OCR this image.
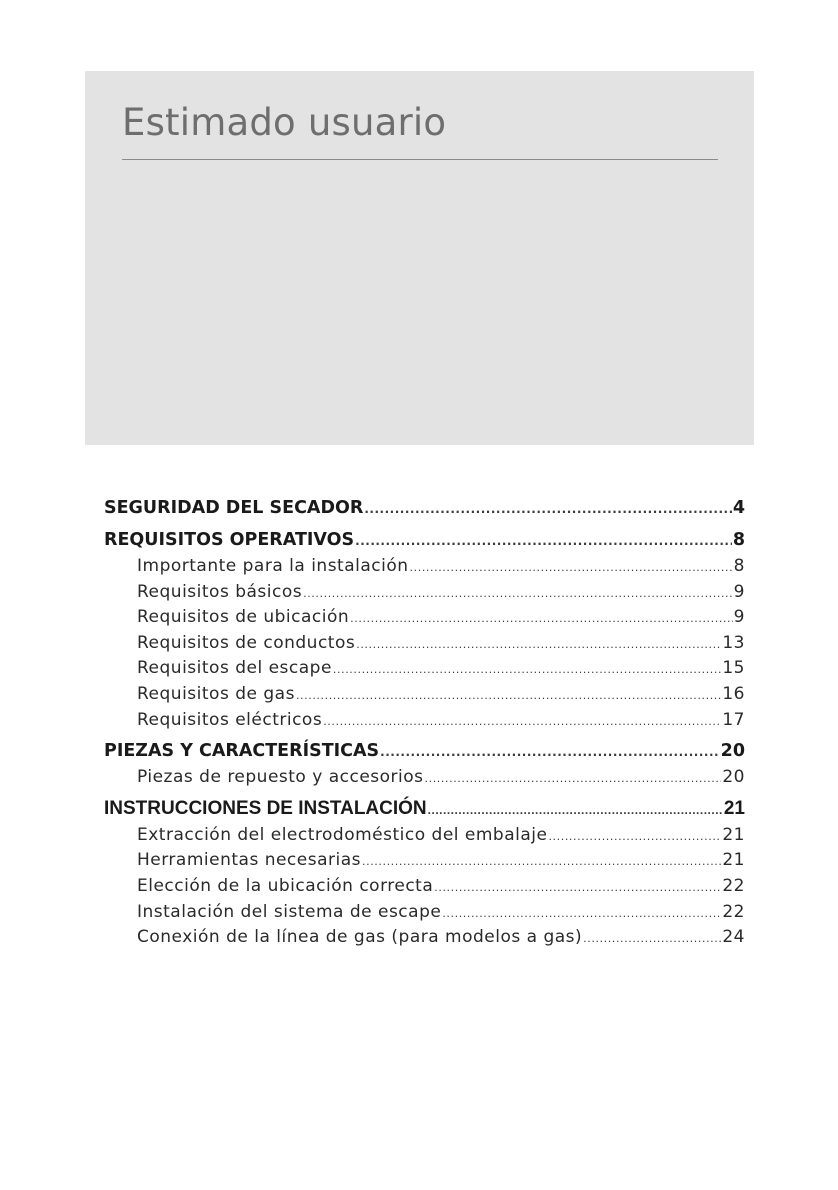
Estimado usuario
SEGURIDAD DEL SECADOR .....	4
REQUISITOS OPERATIVOS .....	8
Importante para la instalación .....	8
Requisitos básicos .....	9
Requisitos de ubicación .....	9
Requisitos de conductos .....	13
Requisitos del escape .....	15
Requisitos de gas .....	16
Requisitos eléctricos .....	17
PIEZAS Y CARACTERÍSTICAS .....	20
Piezas de repuesto y accesorios .....	20
INSTRUCCIONES DE INSTALACIÓN .....	21
Extracción del electrodoméstico del embalaje .....	21
Herramientas necesarias .....	21
Elección de la ubicación correcta .....	22
Instalación del sistema de escape .....	22
Conexión de la línea de gas (para modelos a gas) .....	24
